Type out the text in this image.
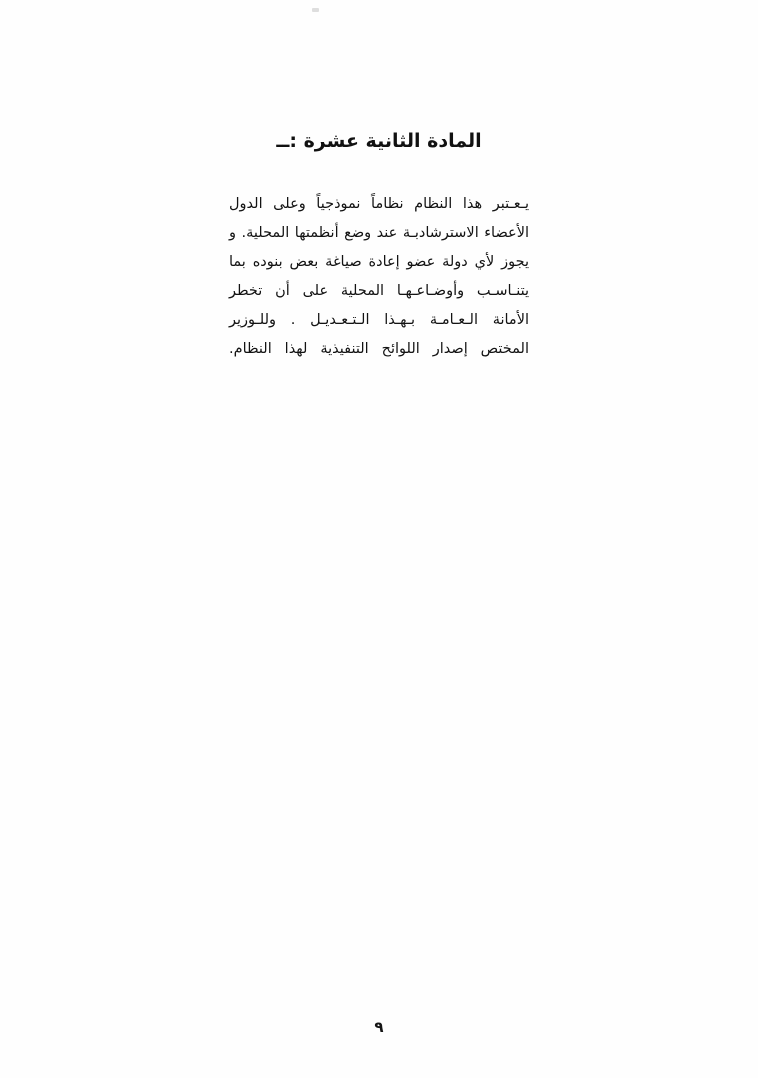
المادة الثانية عشرة :ــ

يـعـتبر هذا النظام نظاماً نموذجياً وعلى الدول الأعضاء الاسترشادبـة عند وضع أنظمتها المحلية. و يجوز لأي دولة عضو إعادة صياغة بعض بنوده بما يتنـاسـب وأوضـاعـهـا المحلية على أن تخطر الأمانة الـعـامـة بـهـذا الـتـعـديـل . وللـوزير المختص إصدار اللوائح التنفيذية لهذا النظام.

٩
